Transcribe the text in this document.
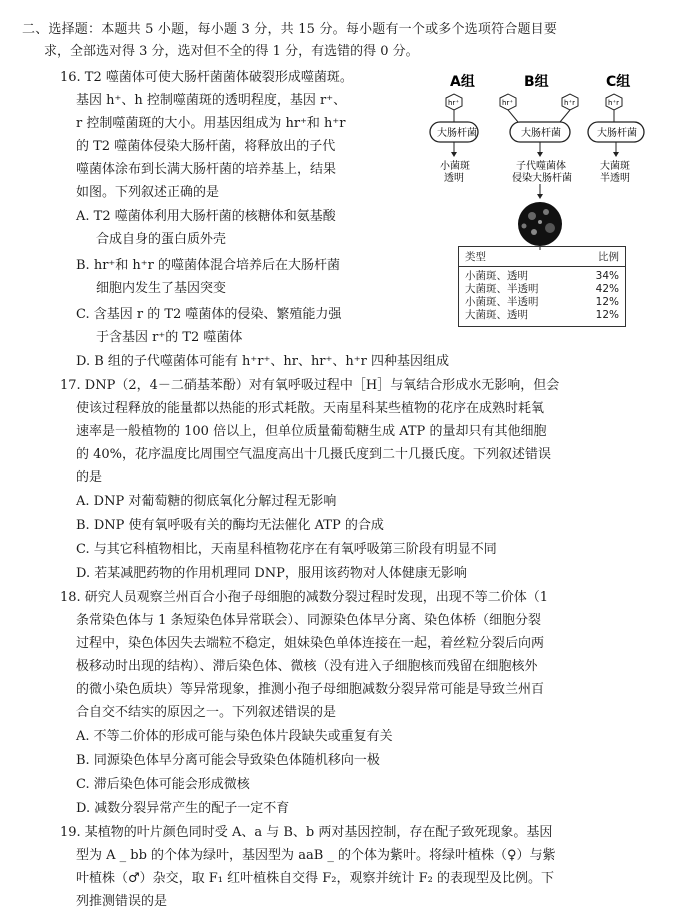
二、选择题：本题共 5 小题，每小题 3 分，共 15 分。每小题有一个或多个选项符合题目要
求，全部选对得 3 分，选对但不全的得 1 分，有选错的得 0 分。
16. T2 噬菌体可使大肠杆菌菌体破裂形成噬菌斑。
基因 h⁺、h 控制噬菌斑的透明程度，基因 r⁺、
r 控制噬菌斑的大小。用基因组成为 hr⁺和 h⁺r
的 T2 噬菌体侵染大肠杆菌，将释放出的子代
噬菌体涂布到长满大肠杆菌的培养基上，结果
如图。下列叙述正确的是
A. T2 噬菌体利用大肠杆菌的核糖体和氨基酸
合成自身的蛋白质外壳
B. hr⁺和 h⁺r 的噬菌体混合培养后在大肠杆菌
细胞内发生了基因突变
C. 含基因 r 的 T2 噬菌体的侵染、繁殖能力强
于含基因 r⁺的 T2 噬菌体
D. B 组的子代噬菌体可能有 h⁺r⁺、hr、hr⁺、h⁺r 四种基因组成
A组	B组	C组
hr⁺	hr⁺	h⁺r	h⁺r
大肠杆菌	大肠杆菌	大肠杆菌
小菌斑
透明
子代噬菌体
侵染大肠杆菌
大菌斑
半透明
类型	比例
小菌斑、透明	34%
大菌斑、半透明	42%
小菌斑、半透明	12%
大菌斑、透明	12%
17. DNP（2，4－二硝基苯酚）对有氧呼吸过程中［H］与氧结合形成水无影响，但会
使该过程释放的能量都以热能的形式耗散。天南星科某些植物的花序在成熟时耗氧
速率是一般植物的 100 倍以上，但单位质量葡萄糖生成 ATP 的量却只有其他细胞
的 40%，花序温度比周围空气温度高出十几摄氏度到二十几摄氏度。下列叙述错误
的是
A. DNP 对葡萄糖的彻底氧化分解过程无影响
B. DNP 使有氧呼吸有关的酶均无法催化 ATP 的合成
C. 与其它科植物相比，天南星科植物花序在有氧呼吸第三阶段有明显不同
D. 若某减肥药物的作用机理同 DNP，服用该药物对人体健康无影响
18. 研究人员观察兰州百合小孢子母细胞的减数分裂过程时发现，出现不等二价体（1
条常染色体与 1 条短染色体异常联会）、同源染色体早分离、染色体桥（细胞分裂
过程中，染色体因失去端粒不稳定，姐妹染色单体连接在一起，着丝粒分裂后向两
极移动时出现的结构）、滞后染色体、微核（没有进入子细胞核而残留在细胞核外
的微小染色质块）等异常现象，推测小孢子母细胞减数分裂异常可能是导致兰州百
合自交不结实的原因之一。下列叙述错误的是
A. 不等二价体的形成可能与染色体片段缺失或重复有关
B. 同源染色体早分离可能会导致染色体随机移向一极
C. 滞后染色体可能会形成微核
D. 减数分裂异常产生的配子一定不育
19. 某植物的叶片颜色同时受 A、a 与 B、b 两对基因控制，存在配子致死现象。基因
型为 A _ bb 的个体为绿叶，基因型为 aaB _ 的个体为紫叶。将绿叶植株（♀）与紫
叶植株（♂）杂交，取 F₁ 红叶植株自交得 F₂，观察并统计 F₂ 的表现型及比例。下
列推测错误的是
